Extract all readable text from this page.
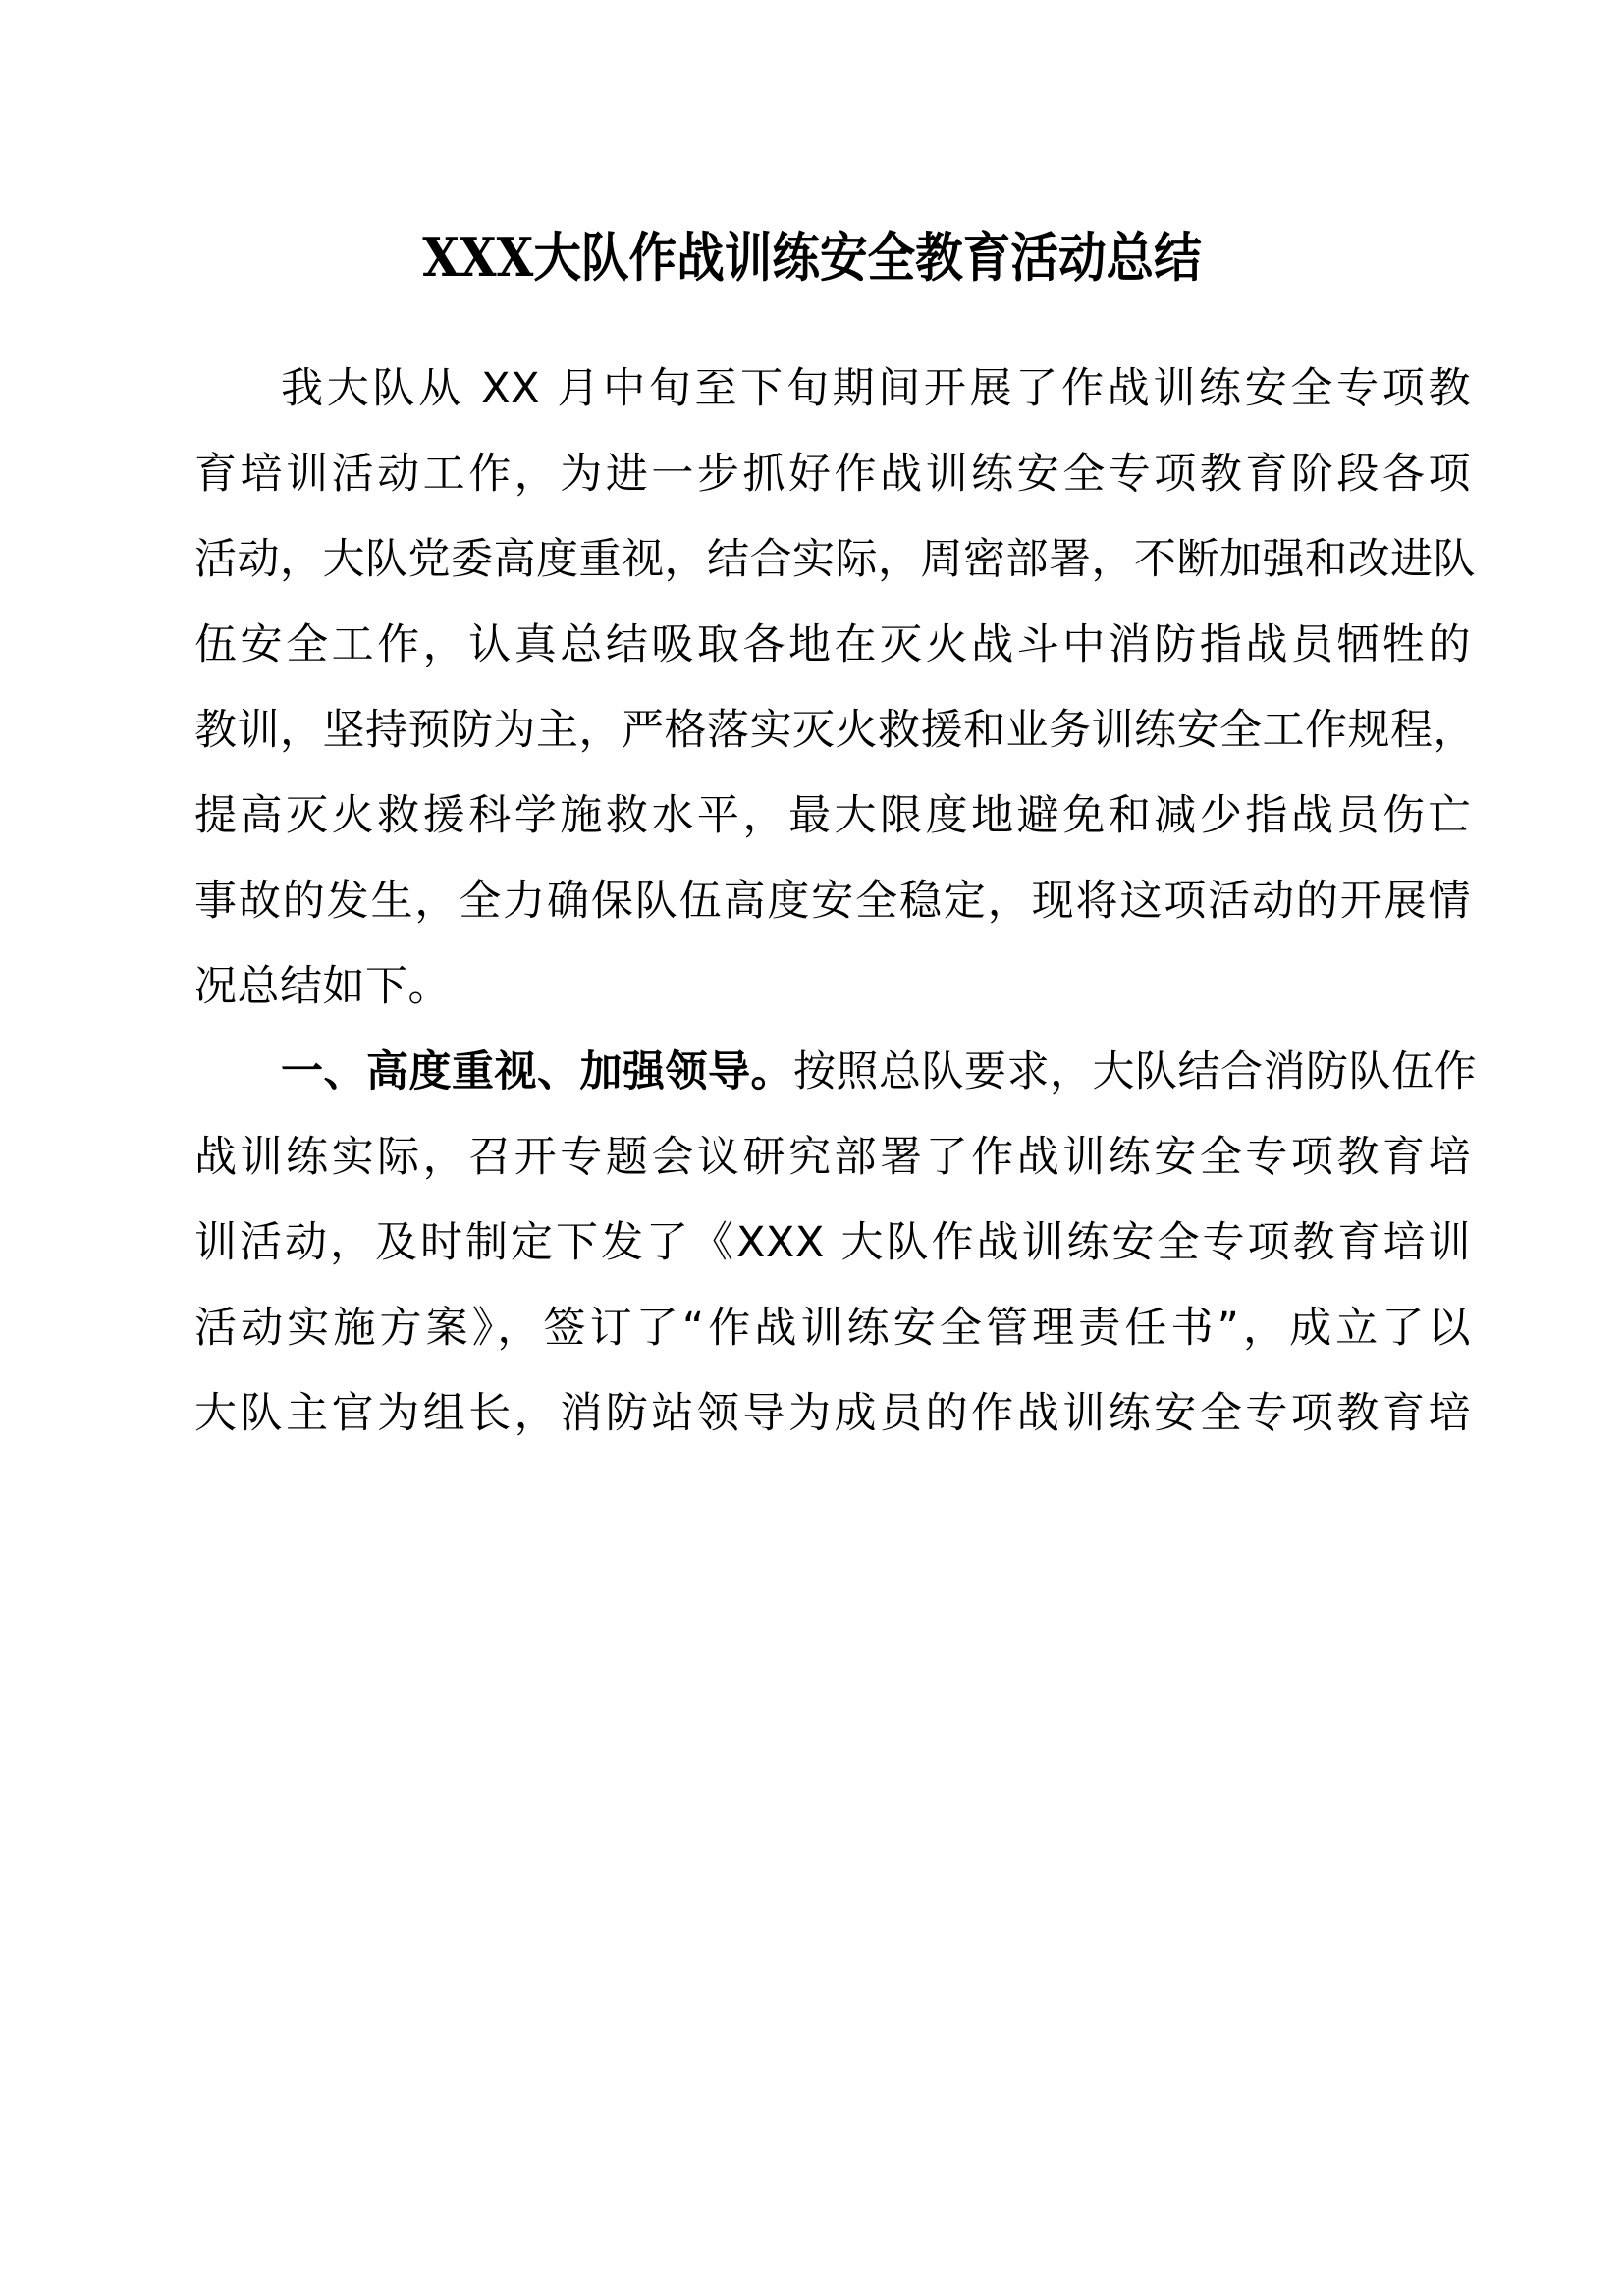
XXX大队作战训练安全教育活动总结
我大队从 XX 月中旬至下旬期间开展了作战训练安全专项教
育培训活动工作，为进一步抓好作战训练安全专项教育阶段各项
活动，大队党委高度重视，结合实际，周密部署，不断加强和改进队
伍安全工作，认真总结吸取各地在灭火战斗中消防指战员牺牲的
教训，坚持预防为主，严格落实灭火救援和业务训练安全工作规程，
提高灭火救援科学施救水平，最大限度地避免和减少指战员伤亡
事故的发生，全力确保队伍高度安全稳定，现将这项活动的开展情
况总结如下。
一、高度重视、加强领导。按照总队要求，大队结合消防队伍作
战训练实际，召开专题会议研究部署了作战训练安全专项教育培
训活动，及时制定下发了《XXX 大队作战训练安全专项教育培训
活动实施方案》，签订了“作战训练安全管理责任书”，成立了以
大队主官为组长，消防站领导为成员的作战训练安全专项教育培
